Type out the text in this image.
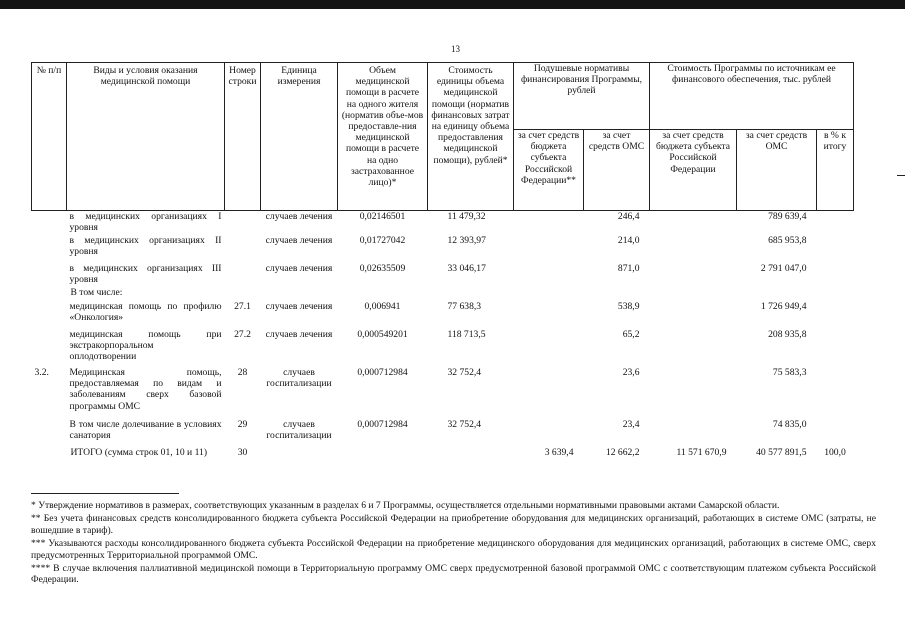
13
№ п/п	Виды и условия оказания медицинской помощи	Номер строки	Единица измерения	Объем медицинской помощи в расчете на одного жителя (норматив объе-мов предоставле-ния медицинской помощи в расчете на одно застрахованное лицо)*	Стоимость единицы объема медицинской помощи (норматив финансовых затрат на единицу объема предоставления медицинской помощи), рублей*	Подушевые нормативы финансирования Программы, рублей		Стоимость Программы по источникам ее финансового обеспечения, тыс. рублей		
						за счет средств бюджета субъекта Российской Федерации**	за счет средств ОМС	за счет средств бюджета субъекта Российской Федерации	за счет средств ОМС	в % к итогу
	в медицинских организациях I уровня		случаев лечения	0,02146501	11 479,32		246,4		789 639,4	
	в медицинских организациях II уровня		случаев лечения	0,01727042	12 393,97		214,0		685 953,8	
	в медицинских организациях III уровня		случаев лечения	0,02635509	33 046,17		871,0		2 791 047,0	
	В том числе:									
	медицинская помощь по профилю «Онкология»	27.1	случаев лечения	0,006941	77 638,3		538,9		1 726 949,4	
	медицинская помощь при экстракорпоральном оплодотворении	27.2	случаев лечения	0,000549201	118 713,5		65,2		208 935,8	
3.2.	Медицинская помощь, предоставляемая по видам и заболеваниям сверх базовой программы ОМС	28	случаев госпитализации	0,000712984	32 752,4		23,6		75 583,3	
	В том числе долечивание в условиях санатория	29	случаев госпитализации	0,000712984	32 752,4		23,4		74 835,0	
	ИТОГО (сумма строк 01, 10 и 11)	30				3 639,4	12 662,2	11 571 670,9	40 577 891,5	100,0

* Утверждение нормативов в размерах, соответствующих указанным в разделах 6 и 7 Программы, осуществляется отдельными нормативными правовыми актами Самарской области.

** Без учета финансовых средств консолидированного бюджета субъекта Российской Федерации на приобретение оборудования для медицинских организаций, работающих в системе ОМС (затраты, не вошедшие в тариф).

*** Указываются расходы консолидированного бюджета субъекта Российской Федерации на приобретение медицинского оборудования для медицинских организаций, работающих в системе ОМС, сверх предусмотренных Территориальной программой ОМС.

**** В случае включения паллиативной медицинской помощи в Территориальную программу ОМС сверх предусмотренной базовой программой ОМС с соответствующим платежом субъекта Российской Федерации.
